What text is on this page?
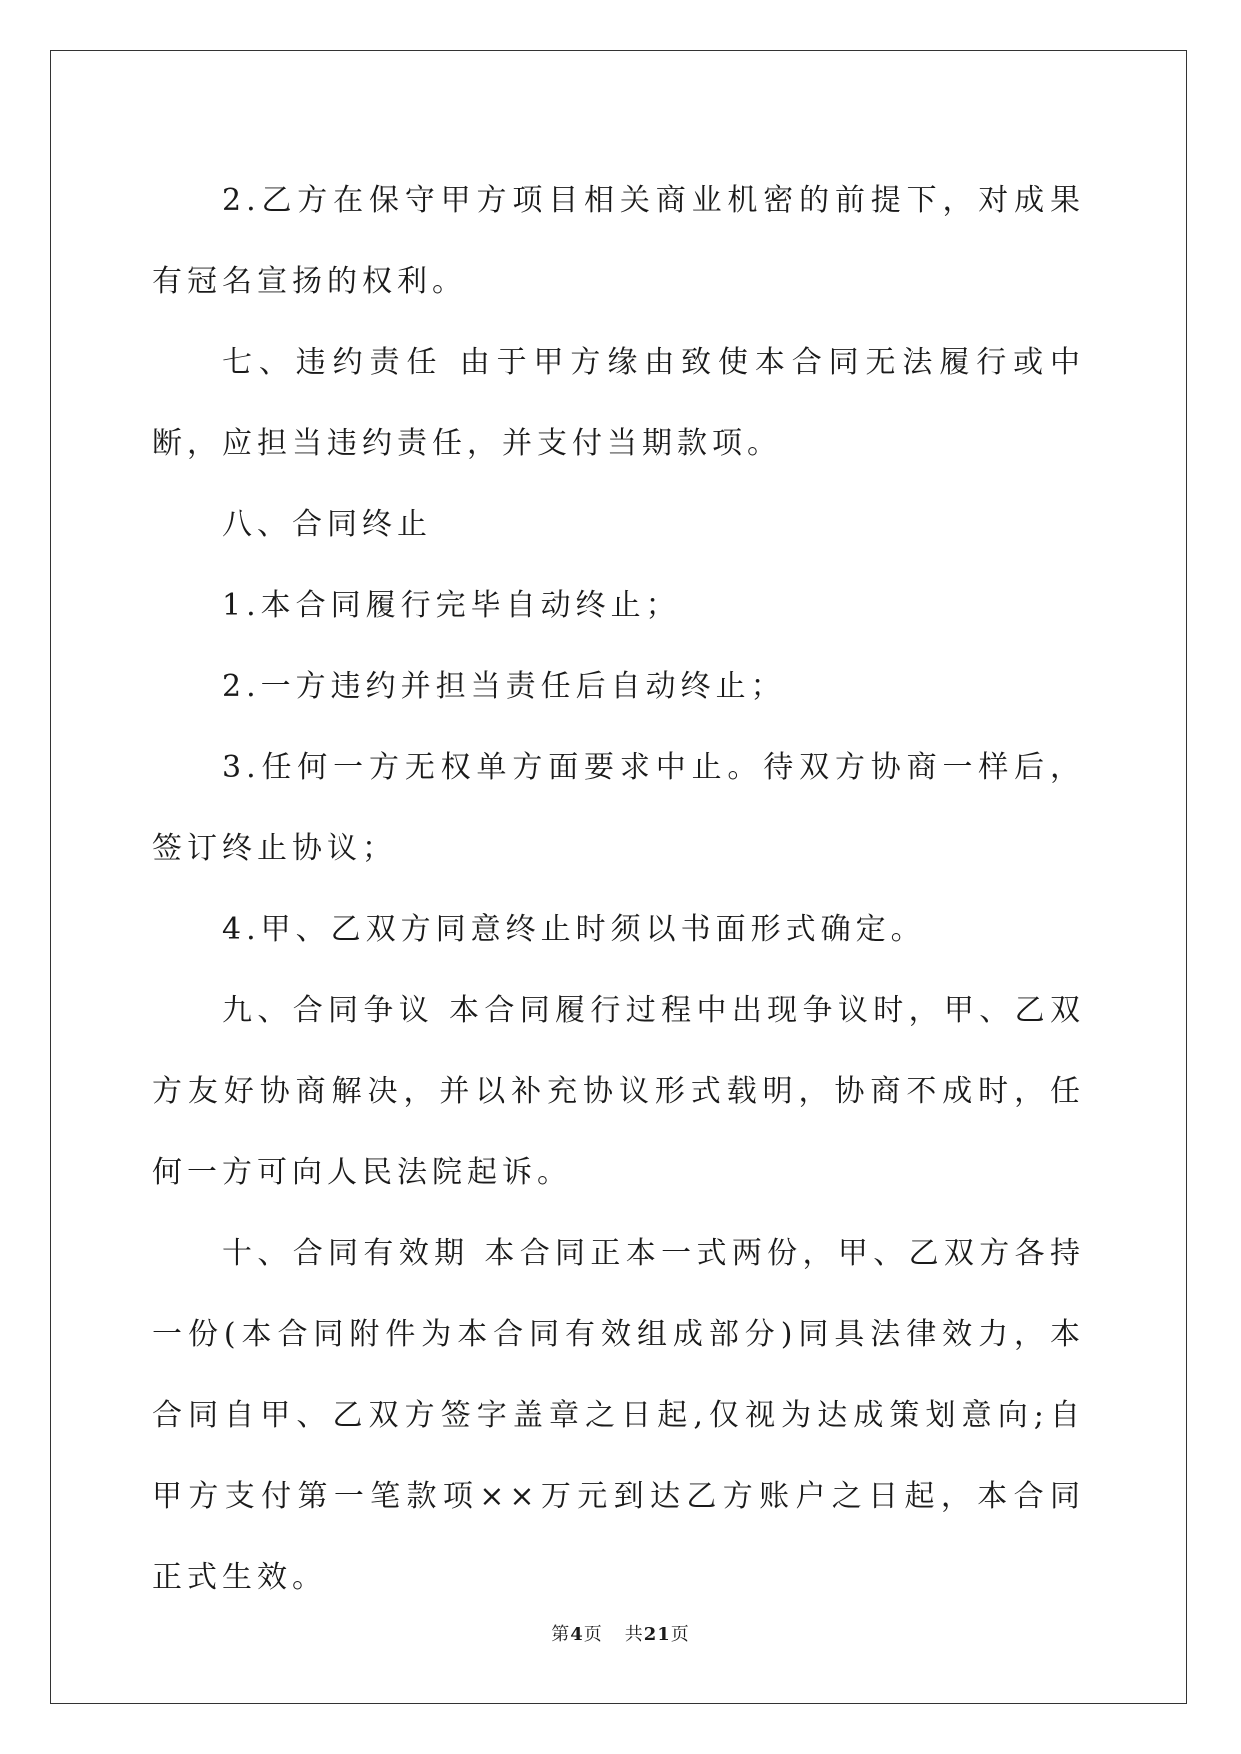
2.乙方在保守甲方项目相关商业机密的前提下，对成果有冠名宣扬的权利。

七、违约责任 由于甲方缘由致使本合同无法履行或中断，应担当违约责任，并支付当期款项。

八、合同终止

1.本合同履行完毕自动终止；

2.一方违约并担当责任后自动终止；

3.任何一方无权单方面要求中止。待双方协商一样后，签订终止协议；

4.甲、乙双方同意终止时须以书面形式确定。

九、合同争议 本合同履行过程中出现争议时，甲、乙双方友好协商解决，并以补充协议形式载明，协商不成时，任何一方可向人民法院起诉。

十、合同有效期 本合同正本一式两份，甲、乙双方各持一份(本合同附件为本合同有效组成部分)同具法律效力，本合同自甲、乙双方签字盖章之日起,仅视为达成策划意向;自甲方支付第一笔款项××万元到达乙方账户之日起，本合同正式生效。

第4页 共21页
